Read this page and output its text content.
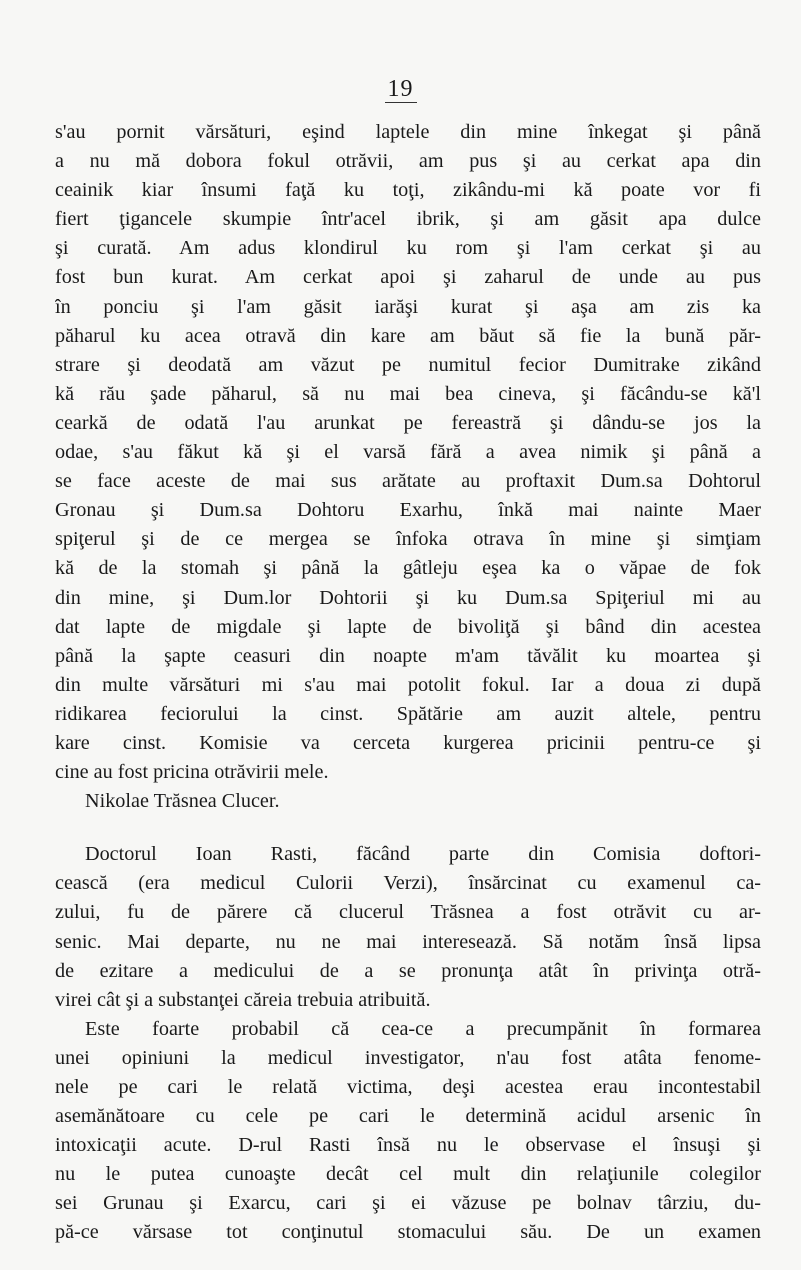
19
s'au pornit vărsături, eşind laptele din mine înkegat şi până
a nu mă dobora fokul otrăvii, am pus şi au cerkat apa din
ceainik kiar însumi faţă ku toţi, zikându-mi kă poate vor fi
fiert ţigancele skumpie într'acel ibrik, şi am găsit apa dulce
şi curată. Am adus klondirul ku rom şi l'am cerkat şi au
fost bun kurat. Am cerkat apoi şi zaharul de unde au pus
în ponciu şi l'am găsit iarăşi kurat şi aşa am zis ka
păharul ku acea otravă din kare am băut să fie la bună păr-
strare şi deodată am văzut pe numitul fecior Dumitrake zikând
kă rău şade păharul, să nu mai bea cineva, şi făcându-se kă'l
cearkă de odată l'au arunkat pe fereastră şi dându-se jos la
odae, s'au făkut kă şi el varsă fără a avea nimik şi până a
se face aceste de mai sus arătate au proftaxit Dum.sa Dohtorul
Gronau şi Dum.sa Dohtoru Exarhu, înkă mai nainte Maer
spiţerul şi de ce mergea se înfoka otrava în mine şi simţiam
kă de la stomah şi până la gâtleju eşea ka o văpae de fok
din mine, şi Dum.lor Dohtorii şi ku Dum.sa Spiţeriul mi au
dat lapte de migdale şi lapte de bivoliţă şi bând din acestea
până la şapte ceasuri din noapte m'am tăvălit ku moartea şi
din multe vărsături mi s'au mai potolit fokul. Iar a doua zi după
ridikarea feciorului la cinst. Spătărie am auzit altele, pentru
kare cinst. Komisie va cerceta kurgerea pricinii pentru-ce şi
cine au fost pricina otrăvirii mele.
Nikolae Trăsnea Clucer.
Doctorul Ioan Rasti, făcând parte din Comisia doftori-
cească (era medicul Culorii Verzi), însărcinat cu examenul ca-
zului, fu de părere că clucerul Trăsnea a fost otrăvit cu ar-
senic. Mai departe, nu ne mai interesează. Să notăm însă lipsa
de ezitare a medicului de a se pronunţa atât în privinţa otră-
virei cât şi a substanţei căreia trebuia atribuită.
Este foarte probabil că cea-ce a precumpănit în formarea
unei opiniuni la medicul investigator, n'au fost atâta fenome-
nele pe cari le relată victima, deşi acestea erau incontestabil
asemănătoare cu cele pe cari le determină acidul arsenic în
intoxicaţii acute. D-rul Rasti însă nu le observase el însuşi şi
nu le putea cunoaşte decât cel mult din relaţiunile colegilor
sei Grunau şi Exarcu, cari şi ei văzuse pe bolnav târziu, du-
pă-ce vărsase tot conţinutul stomacului său. De un examen
